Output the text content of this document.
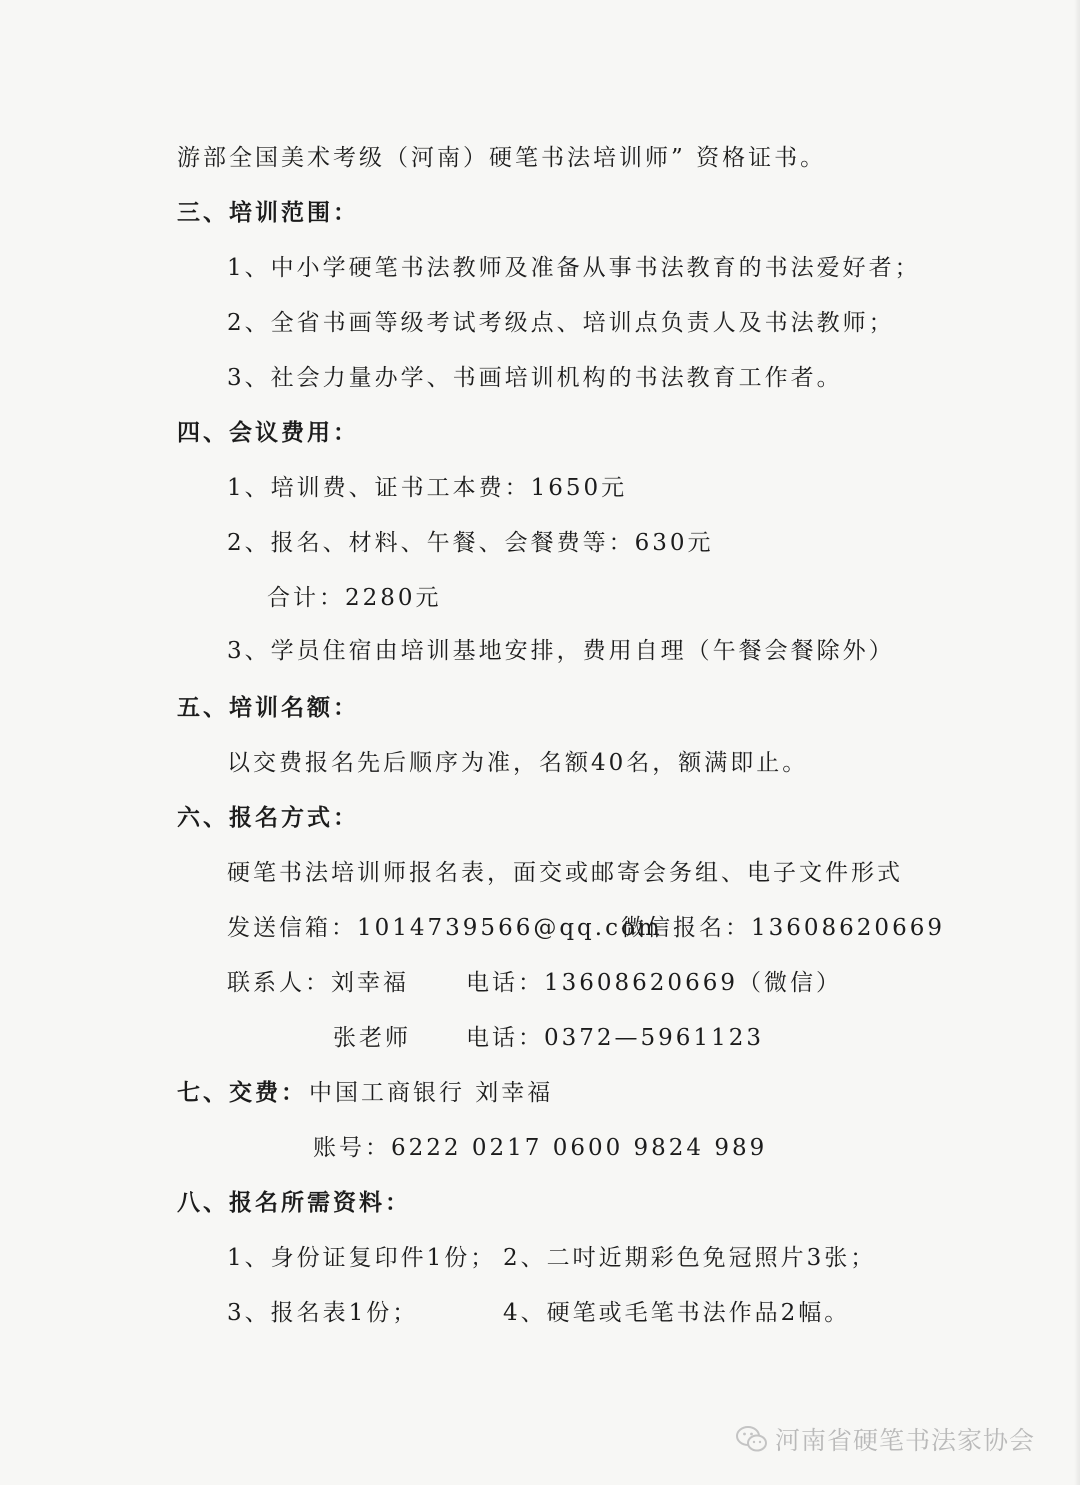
游部全国美术考级（河南）硬笔书法培训师” 资格证书。
三、培训范围：
1、中小学硬笔书法教师及准备从事书法教育的书法爱好者；
2、全省书画等级考试考级点、培训点负责人及书法教师；
3、社会力量办学、书画培训机构的书法教育工作者。
四、会议费用：
1、培训费、证书工本费：1650元
2、报名、材料、午餐、会餐费等：630元
合计：2280元
3、学员住宿由培训基地安排，费用自理（午餐会餐除外）
五、培训名额：
以交费报名先后顺序为准，名额40名，额满即止。
六、报名方式：
硬笔书法培训师报名表，面交或邮寄会务组、电子文件形式
发送信箱：1014739566@qq.com
微信报名：13608620669
联系人：刘幸福 电话：13608620669（微信）
张老师 电话：0372—5961123
七、交费： 中国工商银行 刘幸福
账号：6222 0217 0600 9824 989
八、报名所需资料：
1、身份证复印件1份； 2、二吋近期彩色免冠照片3张；
3、报名表1份；	4、硬笔或毛笔书法作品2幅。
河南省硬笔书法家协会
